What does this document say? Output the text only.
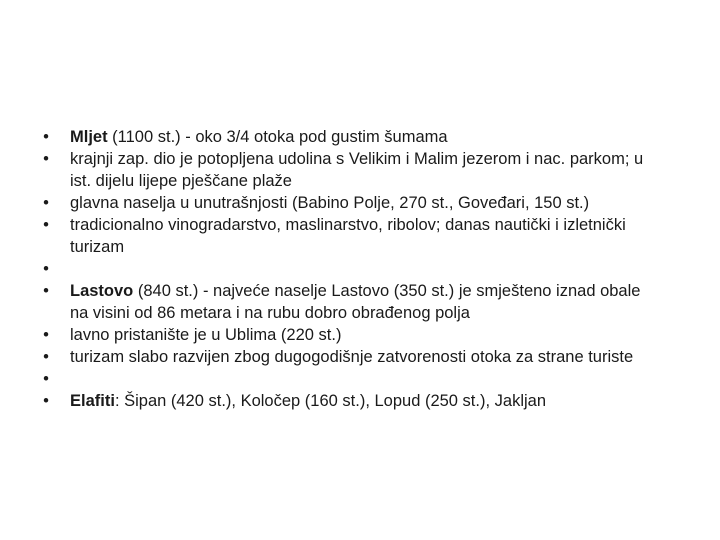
• Mljet (1100 st.) - oko 3/4 otoka pod gustim šumama
• krajnji zap. dio je potopljena udolina s Velikim i Malim jezerom i nac. parkom; u ist. dijelu lijepe pješčane plaže
• glavna naselja u unutrašnjosti (Babino Polje, 270 st., Goveđari, 150 st.)
• tradicionalno vinogradarstvo, maslinarstvo, ribolov; danas nautički i izletnički turizam
•
• Lastovo (840 st.) - najveće naselje Lastovo (350 st.) je smješteno iznad obale na visini od 86 metara i na rubu dobro obrađenog polja
• lavno pristanište je u Ublima (220 st.)
• turizam slabo razvijen zbog dugogodišnje zatvorenosti otoka za strane turiste
•
• Elafiti: Šipan (420 st.), Koločep (160 st.), Lopud (250 st.), Jakljan
